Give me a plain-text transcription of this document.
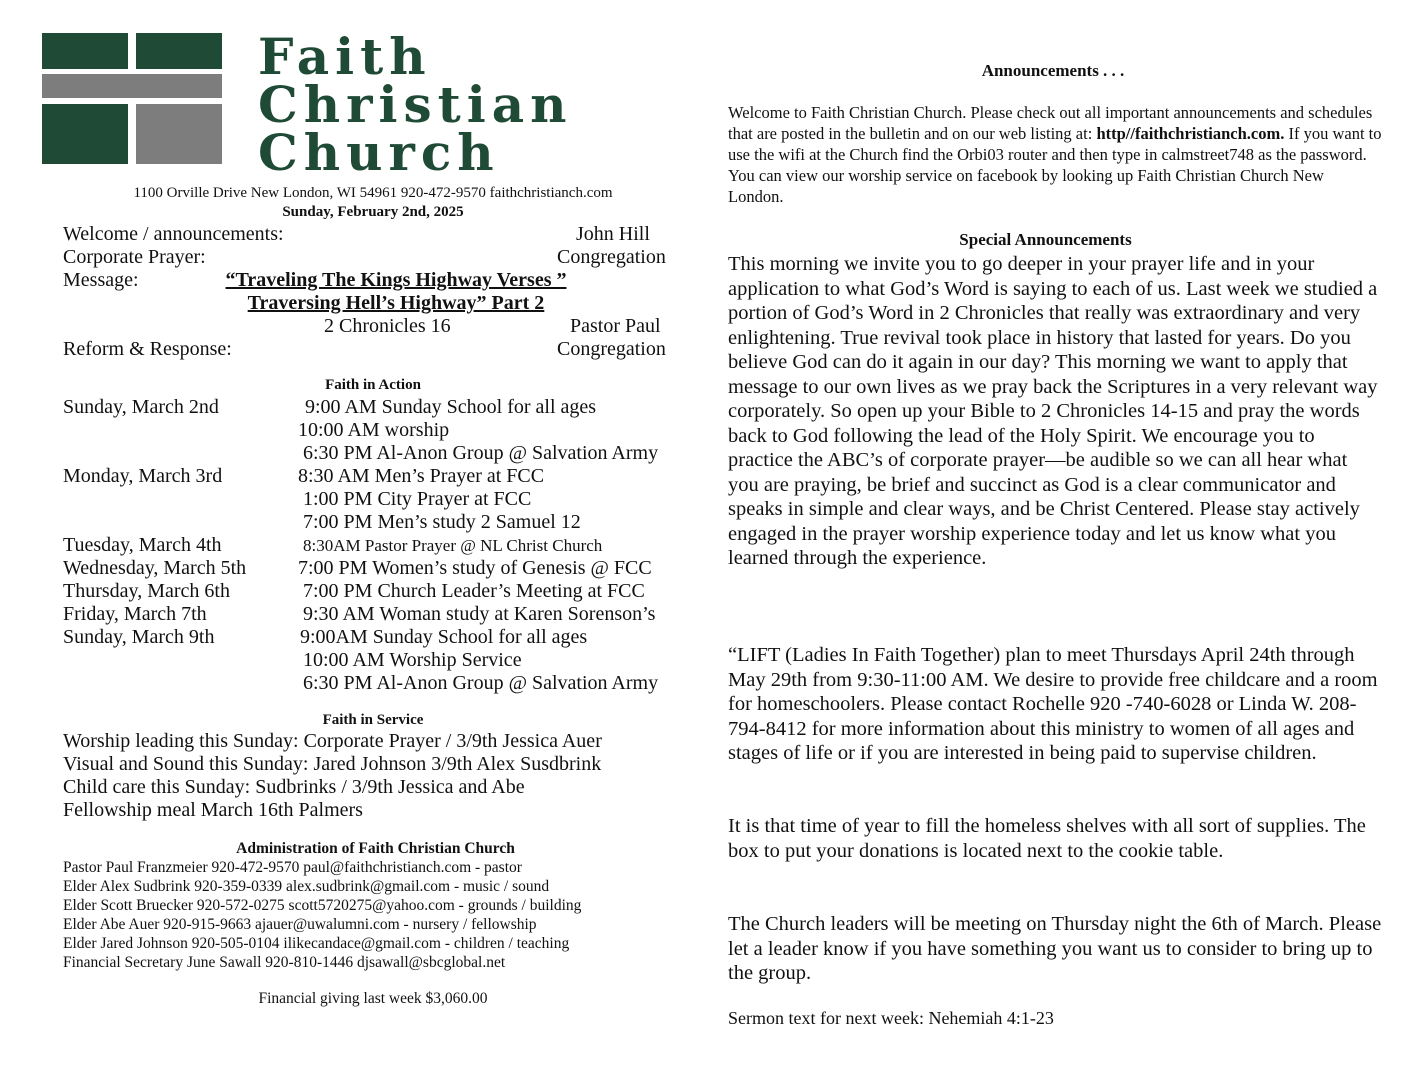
Faith
Christian
Church
1100 Orville Drive New London, WI 54961 920-472-9570 faithchristianch.com
Sunday, February 2nd, 2025
Welcome / announcements:	John Hill
Corporate Prayer:	Congregation
Message:	“Traveling The Kings Highway Verses ”
Traversing Hell’s Highway” Part 2
2 Chronicles 16	Pastor Paul
Reform & Response:	Congregation
Faith in Action
Sunday, March 2nd	9:00 AM Sunday School for all ages
10:00 AM worship
6:30 PM Al-Anon Group @ Salvation Army
Monday, March 3rd	8:30 AM Men’s Prayer at FCC
1:00 PM City Prayer at FCC
7:00 PM Men’s study 2 Samuel 12
Tuesday, March 4th	8:30AM Pastor Prayer @ NL Christ Church
Wednesday, March 5th	7:00 PM Women’s study of Genesis @ FCC
Thursday, March 6th	7:00 PM Church Leader’s Meeting at FCC
Friday, March 7th	9:30 AM Woman study at Karen Sorenson’s
Sunday, March 9th	9:00AM Sunday School for all ages
10:00 AM Worship Service
6:30 PM Al-Anon Group @ Salvation Army
Faith in Service
Worship leading this Sunday: Corporate Prayer / 3/9th Jessica Auer
Visual and Sound this Sunday: Jared Johnson 3/9th Alex Susdbrink
Child care this Sunday: Sudbrinks / 3/9th Jessica and Abe
Fellowship meal March 16th Palmers
Administration of Faith Christian Church
Pastor Paul Franzmeier 920-472-9570 paul@faithchristianch.com - pastor
Elder Alex Sudbrink 920-359-0339 alex.sudbrink@gmail.com - music / sound
Elder Scott Bruecker 920-572-0275 scott5720275@yahoo.com - grounds / building
Elder Abe Auer 920-915-9663 ajauer@uwalumni.com - nursery / fellowship
Elder Jared Johnson 920-505-0104 ilikecandace@gmail.com - children / teaching
Financial Secretary June Sawall 920-810-1446 djsawall@sbcglobal.net
Financial giving last week $3,060.00
Announcements . . .
Welcome to Faith Christian Church. Please check out all important announcements and schedules that are posted in the bulletin and on our web listing at: http//faithchristianch.com. If you want to use the wifi at the Church find the Orbi03 router and then type in calmstreet748 as the password. You can view our worship service on facebook by looking up Faith Christian Church New London.
Special Announcements
This morning we invite you to go deeper in your prayer life and in your application to what God’s Word is saying to each of us. Last week we studied a portion of God’s Word in 2 Chronicles that really was extraordinary and very enlightening. True revival took place in history that lasted for years. Do you believe God can do it again in our day? This morning we want to apply that message to our own lives as we pray back the Scriptures in a very relevant way corporately. So open up your Bible to 2 Chronicles 14-15 and pray the words back to God following the lead of the Holy Spirit. We encourage you to practice the ABC’s of corporate prayer—be audible so we can all hear what you are praying, be brief and succinct as God is a clear communicator and speaks in simple and clear ways, and be Christ Centered. Please stay actively engaged in the prayer worship experience today and let us know what you learned through the experience.
“LIFT (Ladies In Faith Together) plan to meet Thursdays April 24th through May 29th from 9:30-11:00 AM. We desire to provide free childcare and a room for homeschoolers. Please contact Rochelle 920 -740-6028 or Linda W. 208-794-8412 for more information about this ministry to women of all ages and stages of life or if you are interested in being paid to supervise children.
It is that time of year to fill the homeless shelves with all sort of supplies. The box to put your donations is located next to the cookie table.
The Church leaders will be meeting on Thursday night the 6th of March. Please let a leader know if you have something you want us to consider to bring up to the group.
Sermon text for next week: Nehemiah 4:1-23
